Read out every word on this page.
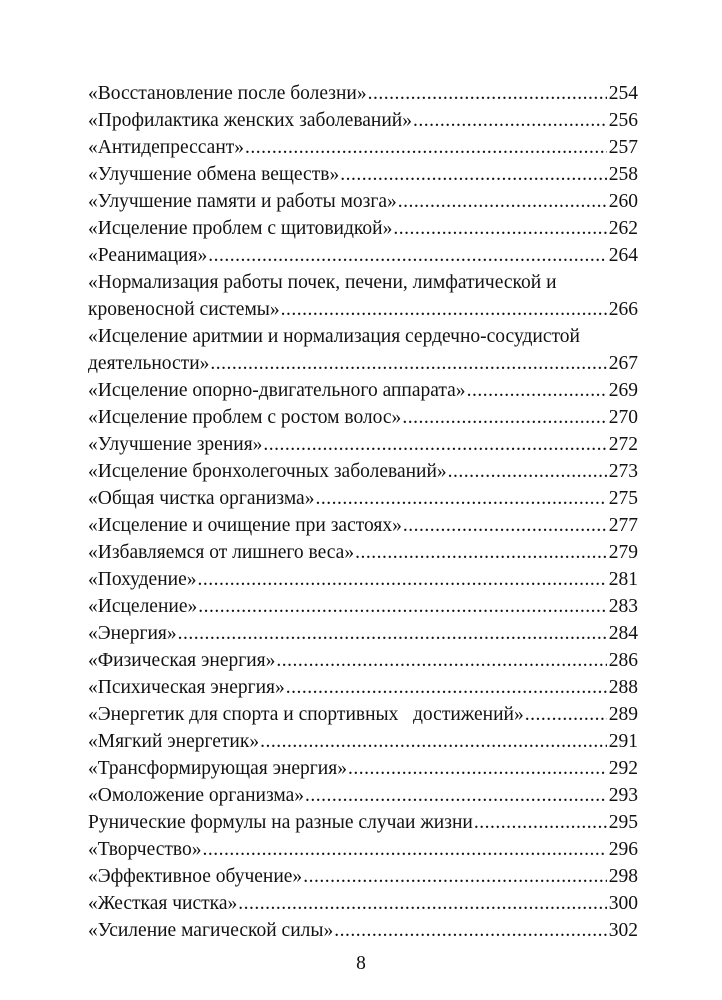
«Восстановление после болезни» .....	254
«Профилактика женских заболеваний» .....	256
«Антидепрессант» .....	257
«Улучшение обмена веществ» .....	258
«Улучшение памяти и работы мозга» .....	260
«Исцеление проблем с щитовидкой» .....	262
«Реанимация» .....	264
«Нормализация работы почек, печени, лимфатической и
кровеносной системы» .....	266
«Исцеление аритмии и нормализация сердечно-сосудистой
деятельности» .....	267
«Исцеление опорно-двигательного аппарата» .....	269
«Исцеление проблем с ростом волос» .....	270
«Улучшение зрения» .....	272
«Исцеление бронхолегочных заболеваний» .....	273
«Общая чистка организма» .....	275
«Исцеление и очищение при застоях» .....	277
«Избавляемся от лишнего веса» .....	279
«Похудение» .....	281
«Исцеление» .....	283
«Энергия» .....	284
«Физическая энергия» .....	286
«Психическая энергия» .....	288
«Энергетик для спорта и спортивных   достижений» .....	289
«Мягкий энергетик» .....	291
«Трансформирующая энергия» .....	292
«Омоложение организма» .....	293
Рунические формулы на разные случаи жизни .....	295
«Творчество» .....	296
«Эффективное обучение» .....	298
«Жесткая чистка» .....	300
«Усиление магической силы» .....	302
8
